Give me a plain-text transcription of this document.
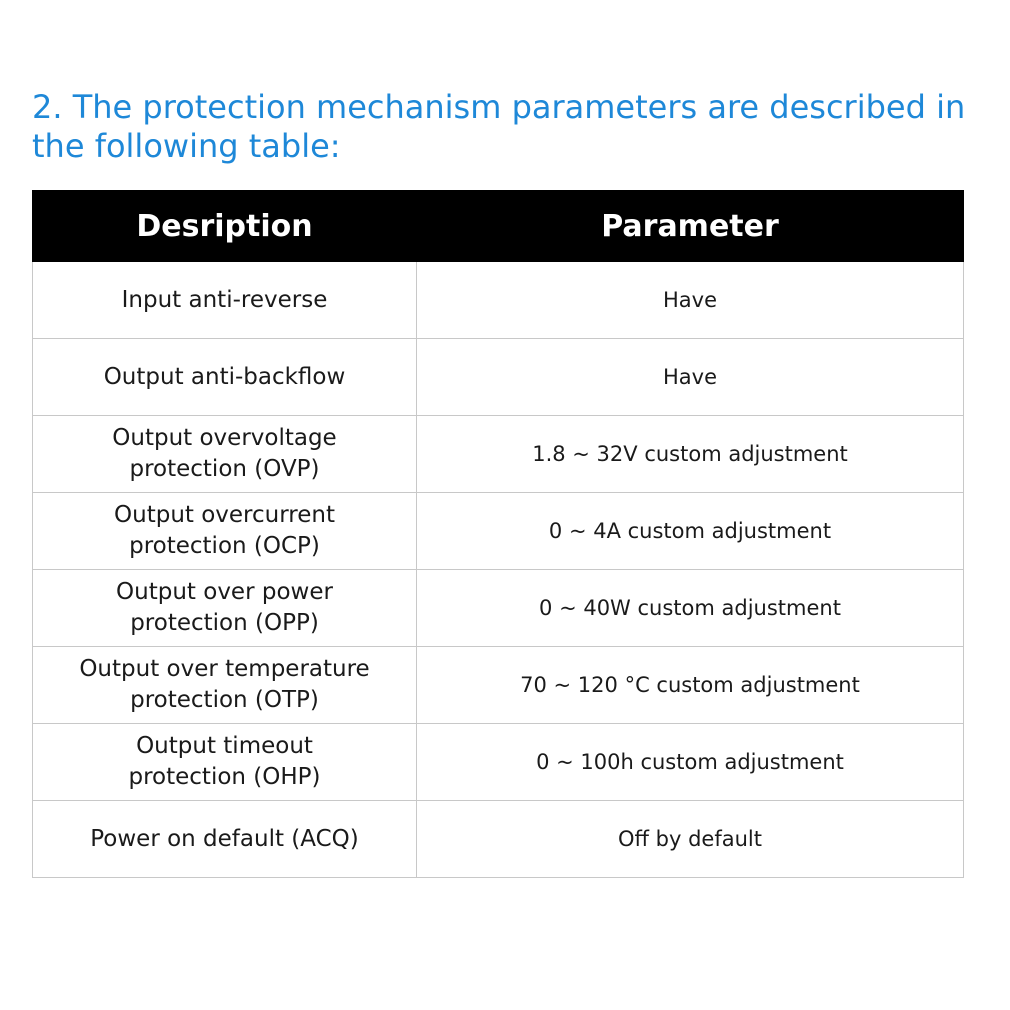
2. The protection mechanism parameters are described in
the following table:
Desription	Parameter
Input anti-reverse	Have
Output anti-backflow	Have
Output overvoltage
protection (OVP)	1.8 ~ 32V custom adjustment
Output overcurrent
protection (OCP)	0 ~ 4A custom adjustment
Output over power
protection (OPP)	0 ~ 40W custom adjustment
Output over temperature
protection (OTP)	70 ~ 120 °C custom adjustment
Output timeout
protection (OHP)	0 ~ 100h custom adjustment
Power on default (ACQ)	Off by default
